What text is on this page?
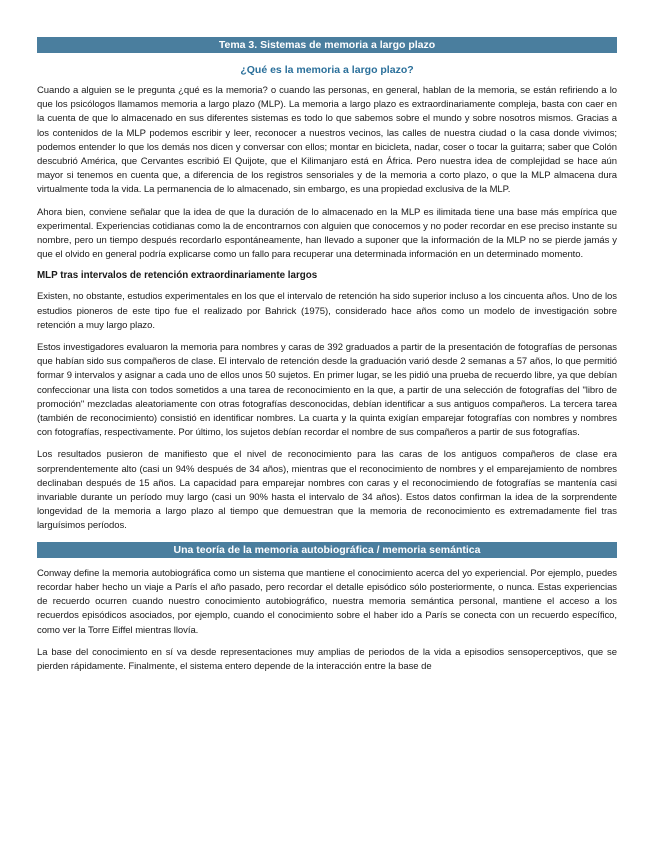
Tema 3. Sistemas de memoria a largo plazo
¿Qué es la memoria a largo plazo?

Cuando a alguien se le pregunta ¿qué es la memoria? o cuando las personas, en general, hablan de la memoria, se están refiriendo a lo que los psicólogos llamamos memoria a largo plazo (MLP). La memoria a largo plazo es extraordinariamente compleja, basta con caer en la cuenta de que lo almacenado en sus diferentes sistemas es todo lo que sabemos sobre el mundo y sobre nosotros mismos. Gracias a los contenidos de la MLP podemos escribir y leer, reconocer a nuestros vecinos, las calles de nuestra ciudad o la casa donde vivimos; podemos entender lo que los demás nos dicen y conversar con ellos; montar en bicicleta, nadar, coser o tocar la guitarra; saber que Colón descubrió América, que Cervantes escribió El Quijote, que el Kilimanjaro está en África. Pero nuestra idea de complejidad se hace aún mayor si tenemos en cuenta que, a diferencia de los registros sensoriales y de la memoria a corto plazo, o que la MLP almacena dura virtualmente toda la vida. La permanencia de lo almacenado, sin embargo, es una propiedad exclusiva de la MLP.

Ahora bien, conviene señalar que la idea de que la duración de lo almacenado en la MLP es ilimitada tiene una base más empírica que experimental. Experiencias cotidianas como la de encontrarnos con alguien que conocemos y no poder recordar en ese preciso instante su nombre, pero un tiempo después recordarlo espontáneamente, han llevado a suponer que la información de la MLP no se pierde jamás y que el olvido en general podría explicarse como un fallo para recuperar una determinada información en un determinado momento.

MLP tras intervalos de retención extraordinariamente largos

Existen, no obstante, estudios experimentales en los que el intervalo de retención ha sido superior incluso a los cincuenta años. Uno de los estudios pioneros de este tipo fue el realizado por Bahrick (1975), considerado hace años como un modelo de investigación sobre retención a muy largo plazo.

Estos investigadores evaluaron la memoria para nombres y caras de 392 graduados a partir de la presentación de fotografías de personas que habían sido sus compañeros de clase. El intervalo de retención desde la graduación varió desde 2 semanas a 57 años, lo que permitió formar 9 intervalos y asignar a cada uno de ellos unos 50 sujetos. En primer lugar, se les pidió una prueba de recuerdo libre, ya que debían confeccionar una lista con todos sometidos a una tarea de reconocimiento en la que, a partir de una selección de fotografías del "libro de promoción" mezcladas aleatoriamente con otras fotografías desconocidas, debían identificar a sus antiguos compañeros. La tercera tarea (también de reconocimiento) consistió en identificar nombres. La cuarta y la quinta exigían emparejar fotografías con nombres y nombres con fotografías, respectivamente. Por último, los sujetos debían recordar el nombre de sus compañeros a partir de sus fotografías.

Los resultados pusieron de manifiesto que el nivel de reconocimiento para las caras de los antiguos compañeros de clase era sorprendentemente alto (casi un 94% después de 34 años), mientras que el reconocimiento de nombres y el emparejamiento de nombres declinaban después de 15 años. La capacidad para emparejar nombres con caras y el reconocimiendo de fotografías se mantenía casi invariable durante un período muy largo (casi un 90% hasta el intervalo de 34 años). Estos datos confirman la idea de la sorprendente longevidad de la memoria a largo plazo al tiempo que demuestran que la memoria de reconocimiento es extremadamente fiel tras larguísimos períodos.

Una teoría de la memoria autobiográfica / memoria semántica

Conway define la memoria autobiográfica como un sistema que mantiene el conocimiento acerca del yo experiencial. Por ejemplo, puedes recordar haber hecho un viaje a París el año pasado, pero recordar el detalle episódico sólo posteriormente, o nunca. Estas experiencias de recuerdo ocurren cuando nuestro conocimiento autobiográfico, nuestra memoria semántica personal, mantiene el acceso a los recuerdos episódicos asociados, por ejemplo, cuando el conocimiento sobre el haber ido a París se conecta con un recuerdo específico, como ver la Torre Eiffel mientras llovía.

La base del conocimiento en sí va desde representaciones muy amplias de periodos de la vida a episodios sensoperceptivos, que se pierden rápidamente. Finalmente, el sistema entero depende de la interacción entre la base de
